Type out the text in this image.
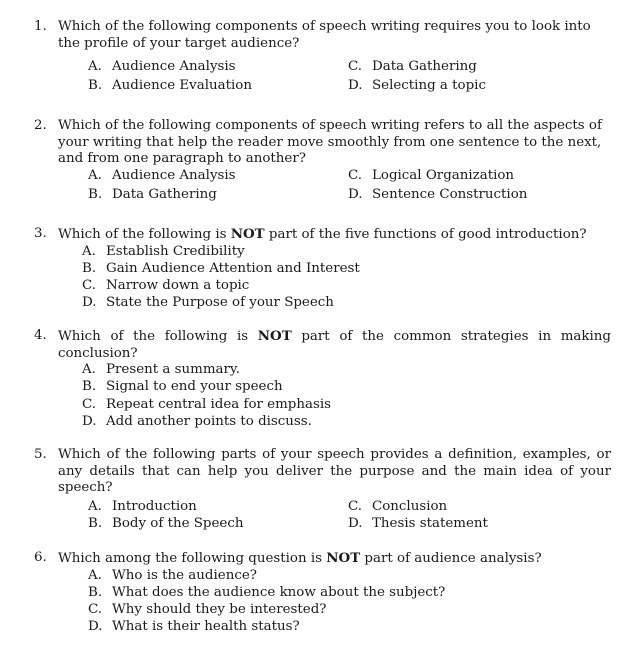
1. Which of the following components of speech writing requires you to look into the profile of your target audience?
A. Audience Analysis
B. Audience Evaluation
C. Data Gathering
D. Selecting a topic
2. Which of the following components of speech writing refers to all the aspects of your writing that help the reader move smoothly from one sentence to the next, and from one paragraph to another?
A. Audience Analysis
B. Data Gathering
C. Logical Organization
D. Sentence Construction
3. Which of the following is NOT part of the five functions of good introduction?
A. Establish Credibility
B. Gain Audience Attention and Interest
C. Narrow down a topic
D. State the Purpose of your Speech
4. Which of the following is NOT part of the common strategies in making conclusion?
A. Present a summary.
B. Signal to end your speech
C. Repeat central idea for emphasis
D. Add another points to discuss.
5. Which of the following parts of your speech provides a definition, examples, or any details that can help you deliver the purpose and the main idea of your speech?
A. Introduction
B. Body of the Speech
C. Conclusion
D. Thesis statement
6. Which among the following question is NOT part of audience analysis?
A. Who is the audience?
B. What does the audience know about the subject?
C. Why should they be interested?
D. What is their health status?
